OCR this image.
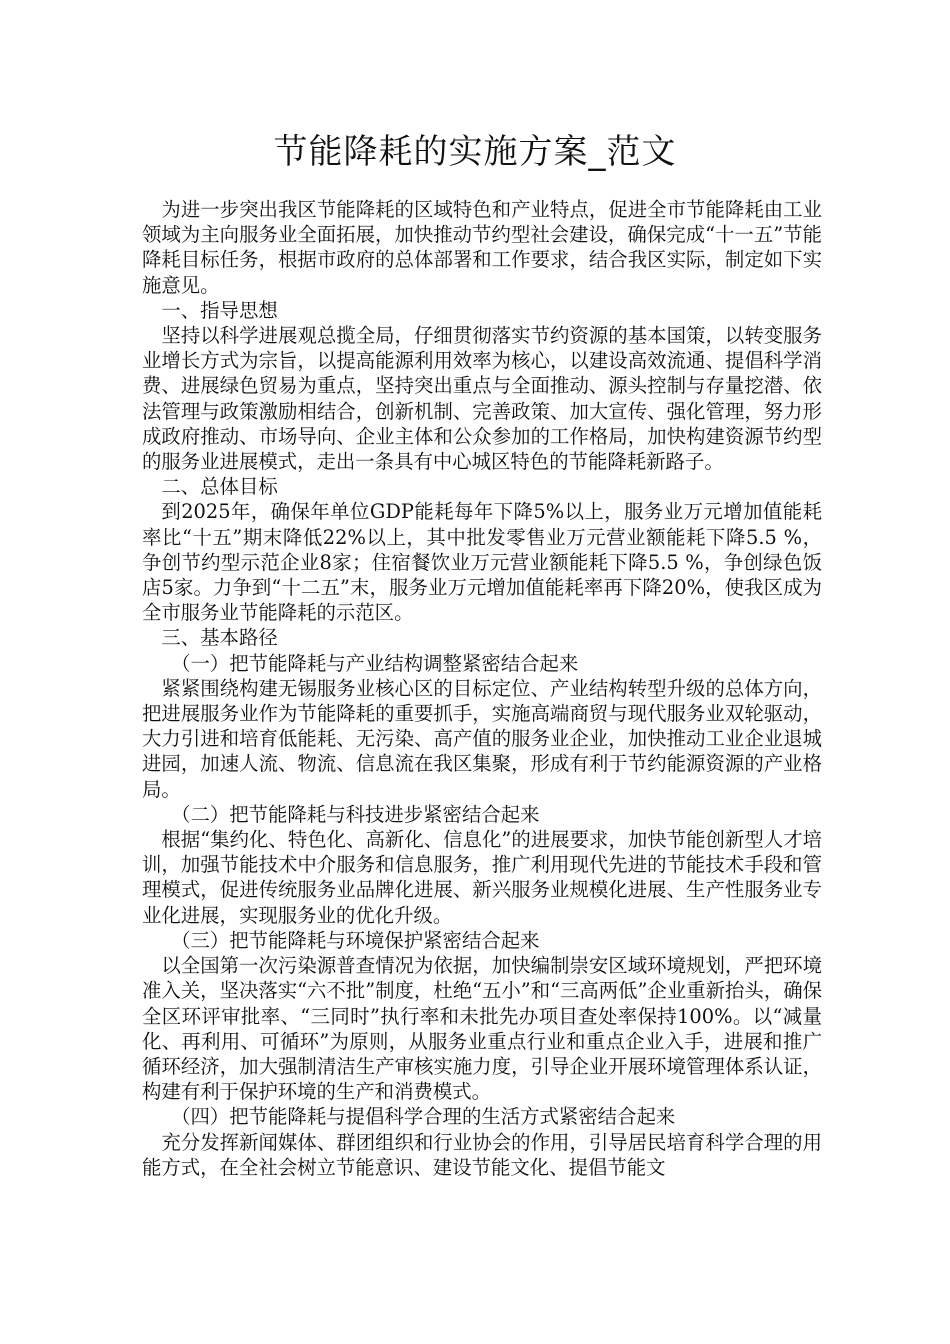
节能降耗的实施方案_范文

为进一步突出我区节能降耗的区域特色和产业特点，促进全市节能降耗由工业领域为主向服务业全面拓展，加快推动节约型社会建设，确保完成“十一五”节能降耗目标任务，根据市政府的总体部署和工作要求，结合我区实际，制定如下实施意见。

一、指导思想

坚持以科学进展观总揽全局，仔细贯彻落实节约资源的基本国策，以转变服务业增长方式为宗旨，以提高能源利用效率为核心，以建设高效流通、提倡科学消费、进展绿色贸易为重点，坚持突出重点与全面推动、源头控制与存量挖潜、依法管理与政策激励相结合，创新机制、完善政策、加大宣传、强化管理，努力形成政府推动、市场导向、企业主体和公众参加的工作格局，加快构建资源节约型的服务业进展模式，走出一条具有中心城区特色的节能降耗新路子。

二、总体目标

到2025年，确保年单位GDP能耗每年下降5%以上，服务业万元增加值能耗率比“十五”期末降低22%以上，其中批发零售业万元营业额能耗下降5.5 %，争创节约型示范企业8家；住宿餐饮业万元营业额能耗下降5.5 %，争创绿色饭店5家。力争到“十二五”末，服务业万元增加值能耗率再下降20%，使我区成为全市服务业节能降耗的示范区。

三、基本路径

（一）把节能降耗与产业结构调整紧密结合起来

紧紧围绕构建无锡服务业核心区的目标定位、产业结构转型升级的总体方向，把进展服务业作为节能降耗的重要抓手，实施高端商贸与现代服务业双轮驱动，大力引进和培育低能耗、无污染、高产值的服务业企业，加快推动工业企业退城进园，加速人流、物流、信息流在我区集聚，形成有利于节约能源资源的产业格局。

（二）把节能降耗与科技进步紧密结合起来

根据“集约化、特色化、高新化、信息化”的进展要求，加快节能创新型人才培训，加强节能技术中介服务和信息服务，推广利用现代先进的节能技术手段和管理模式，促进传统服务业品牌化进展、新兴服务业规模化进展、生产性服务业专业化进展，实现服务业的优化升级。

（三）把节能降耗与环境保护紧密结合起来

以全国第一次污染源普查情况为依据，加快编制崇安区域环境规划，严把环境准入关，坚决落实“六不批”制度，杜绝“五小”和“三高两低”企业重新抬头，确保全区环评审批率、“三同时”执行率和未批先办项目查处率保持100%。以“减量化、再利用、可循环”为原则，从服务业重点行业和重点企业入手，进展和推广循环经济，加大强制清洁生产审核实施力度，引导企业开展环境管理体系认证，构建有利于保护环境的生产和消费模式。

（四）把节能降耗与提倡科学合理的生活方式紧密结合起来

充分发挥新闻媒体、群团组织和行业协会的作用，引导居民培育科学合理的用能方式，在全社会树立节能意识、建设节能文化、提倡节能文
